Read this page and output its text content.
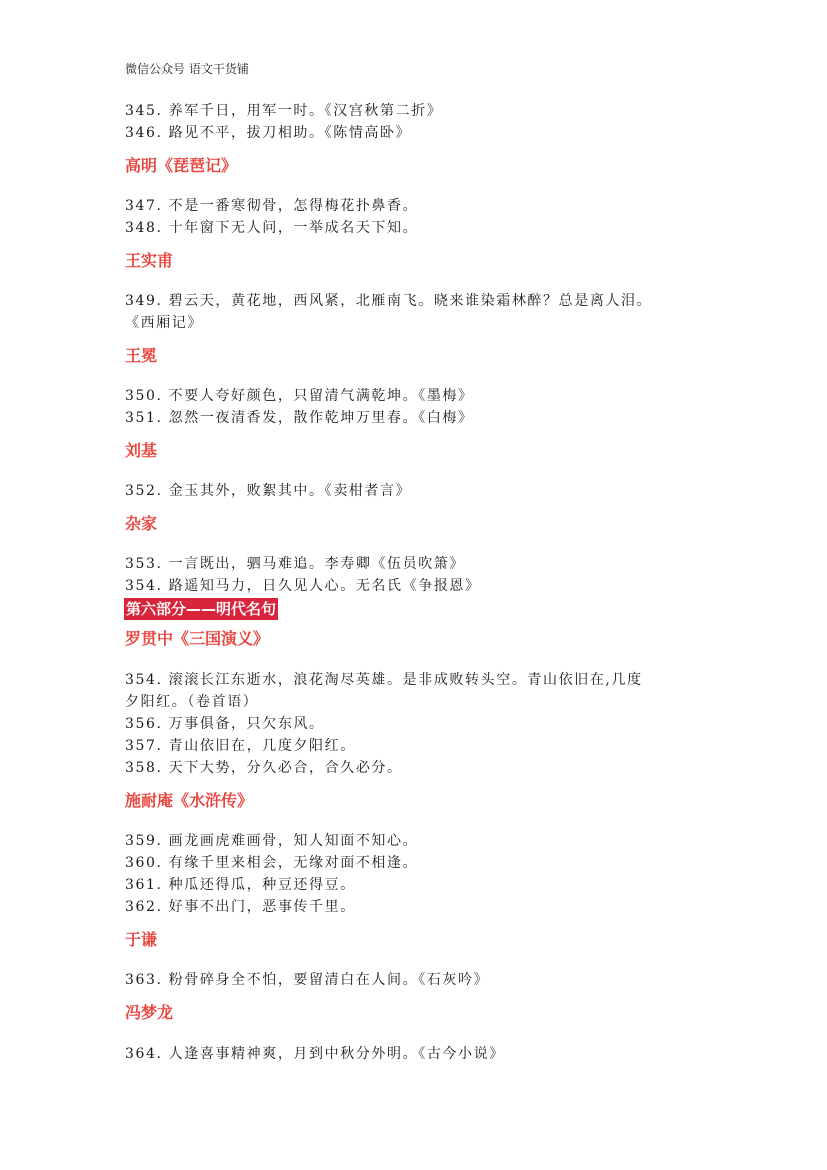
微信公众号 语文干货铺
345. 养军千日，用军一时。《汉宫秋第二折》
346. 路见不平，拔刀相助。《陈情高卧》
高明《琵琶记》
347. 不是一番寒彻骨，怎得梅花扑鼻香。
348. 十年窗下无人问，一举成名天下知。
王实甫
349. 碧云天，黄花地，西风紧，北雁南飞。晓来谁染霜林醉？总是离人泪。
《西厢记》
王冕
350. 不要人夸好颜色，只留清气满乾坤。《墨梅》
351. 忽然一夜清香发，散作乾坤万里春。《白梅》
刘基
352. 金玉其外，败絮其中。《卖柑者言》
杂家
353. 一言既出，驷马难追。李寿卿《伍员吹箫》
354. 路遥知马力，日久见人心。无名氏《争报恩》
第六部分——明代名句
罗贯中《三国演义》
354. 滚滚长江东逝水，浪花淘尽英雄。是非成败转头空。青山依旧在,几度
夕阳红。（卷首语）
356. 万事俱备，只欠东风。
357. 青山依旧在，几度夕阳红。
358. 天下大势，分久必合，合久必分。
施耐庵《水浒传》
359. 画龙画虎难画骨，知人知面不知心。
360. 有缘千里来相会，无缘对面不相逢。
361. 种瓜还得瓜，种豆还得豆。
362. 好事不出门，恶事传千里。
于谦
363. 粉骨碎身全不怕，要留清白在人间。《石灰吟》
冯梦龙
364. 人逢喜事精神爽，月到中秋分外明。《古今小说》
